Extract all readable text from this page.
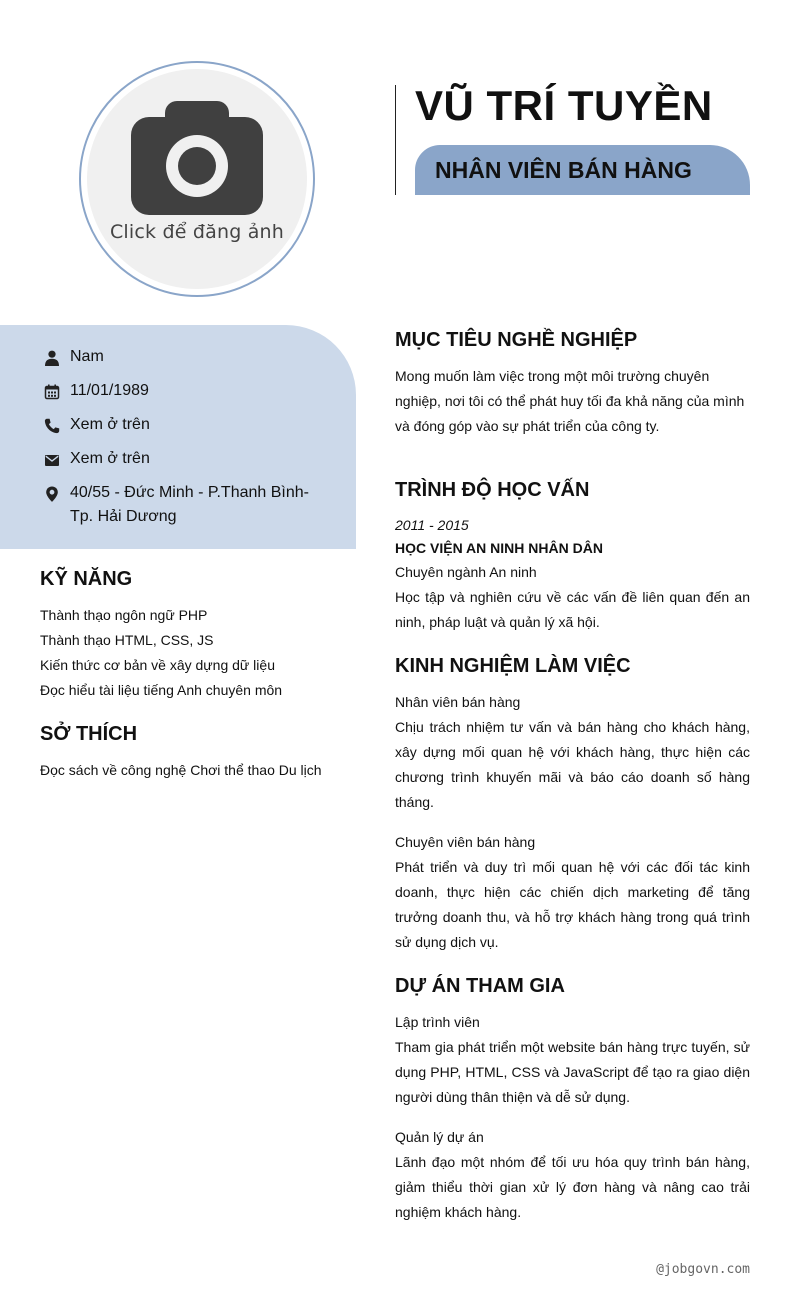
Click để đăng ảnh
VŨ TRÍ TUYỀN
NHÂN VIÊN BÁN HÀNG
Nam
11/01/1989
Xem ở trên
Xem ở trên
40/55 - Đức Minh - P.Thanh Bình- Tp. Hải Dương
KỸ NĂNG
Thành thạo ngôn ngữ PHP
Thành thạo HTML, CSS, JS
Kiến thức cơ bản về xây dựng dữ liệu
Đọc hiểu tài liệu tiếng Anh chuyên môn
SỞ THÍCH
Đọc sách về công nghệ Chơi thể thao Du lịch
MỤC TIÊU NGHỀ NGHIỆP
Mong muốn làm việc trong một môi trường chuyên nghiệp, nơi tôi có thể phát huy tối đa khả năng của mình và đóng góp vào sự phát triển của công ty.
TRÌNH ĐỘ HỌC VẤN
2011 - 2015
HỌC VIỆN AN NINH NHÂN DÂN
Chuyên ngành An ninh
Học tập và nghiên cứu về các vấn đề liên quan đến an ninh, pháp luật và quản lý xã hội.
KINH NGHIỆM LÀM VIỆC
Nhân viên bán hàng
Chịu trách nhiệm tư vấn và bán hàng cho khách hàng, xây dựng mối quan hệ với khách hàng, thực hiện các chương trình khuyến mãi và báo cáo doanh số hàng tháng.
Chuyên viên bán hàng
Phát triển và duy trì mối quan hệ với các đối tác kinh doanh, thực hiện các chiến dịch marketing để tăng trưởng doanh thu, và hỗ trợ khách hàng trong quá trình sử dụng dịch vụ.
DỰ ÁN THAM GIA
Lập trình viên
Tham gia phát triển một website bán hàng trực tuyến, sử dụng PHP, HTML, CSS và JavaScript để tạo ra giao diện người dùng thân thiện và dễ sử dụng.
Quản lý dự án
Lãnh đạo một nhóm để tối ưu hóa quy trình bán hàng, giảm thiểu thời gian xử lý đơn hàng và nâng cao trải nghiệm khách hàng.
@jobgovn.com
